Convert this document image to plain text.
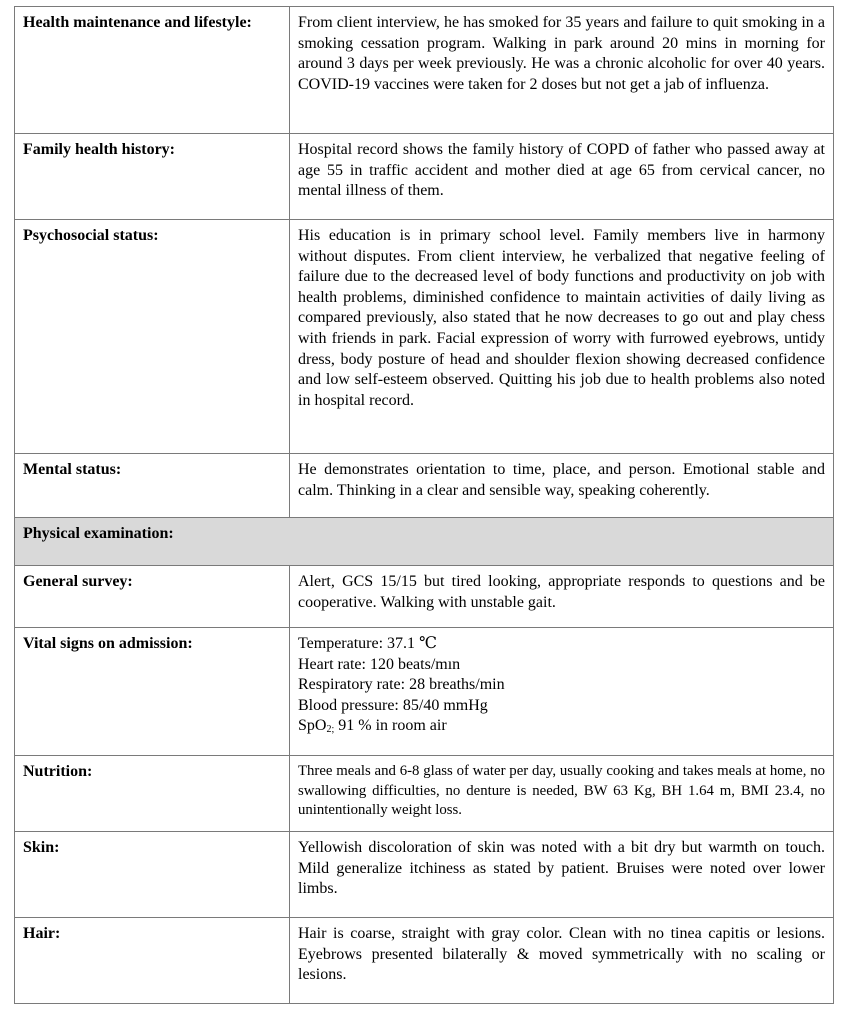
Health maintenance and lifestyle:	From client interview, he has smoked for 35 years and failure to quit smoking in a smoking cessation program. Walking in park around 20 mins in morning for around 3 days per week previously. He was a chronic alcoholic for over 40 years. COVID-19 vaccines were taken for 2 doses but not get a jab of influenza.
Family health history:	Hospital record shows the family history of COPD of father who passed away at age 55 in traffic accident and mother died at age 65 from cervical cancer, no mental illness of them.
Psychosocial status:	His education is in primary school level. Family members live in harmony without disputes. From client interview, he verbalized that negative feeling of failure due to the decreased level of body functions and productivity on job with health problems, diminished confidence to maintain activities of daily living as compared previously, also stated that he now decreases to go out and play chess with friends in park. Facial expression of worry with furrowed eyebrows, untidy dress, body posture of head and shoulder flexion showing decreased confidence and low self-esteem observed. Quitting his job due to health problems also noted in hospital record.
Mental status:	He demonstrates orientation to time, place, and person. Emotional stable and calm. Thinking in a clear and sensible way, speaking coherently.
Physical examination:	
General survey:	Alert, GCS 15/15 but tired looking, appropriate responds to questions and be cooperative. Walking with unstable gait.
Vital signs on admission:	Temperature: 37.1 ℃
Heart rate: 120 beats/mın
Respiratory rate: 28 breaths/min
Blood pressure: 85/40 mmHg
SpO$_{2;}$ 91 % in room air

Nutrition:	Three meals and 6-8 glass of water per day, usually cooking and takes meals at home, no swallowing difficulties, no denture is needed, BW 63 Kg, BH 1.64 m, BMI 23.4, no unintentionally weight loss.
Skin:	Yellowish discoloration of skin was noted with a bit dry but warmth on touch. Mild generalize itchiness as stated by patient. Bruises were noted over lower limbs.
Hair:	Hair is coarse, straight with gray color. Clean with no tinea capitis or lesions. Eyebrows presented bilaterally & moved symmetrically with no scaling or lesions.
